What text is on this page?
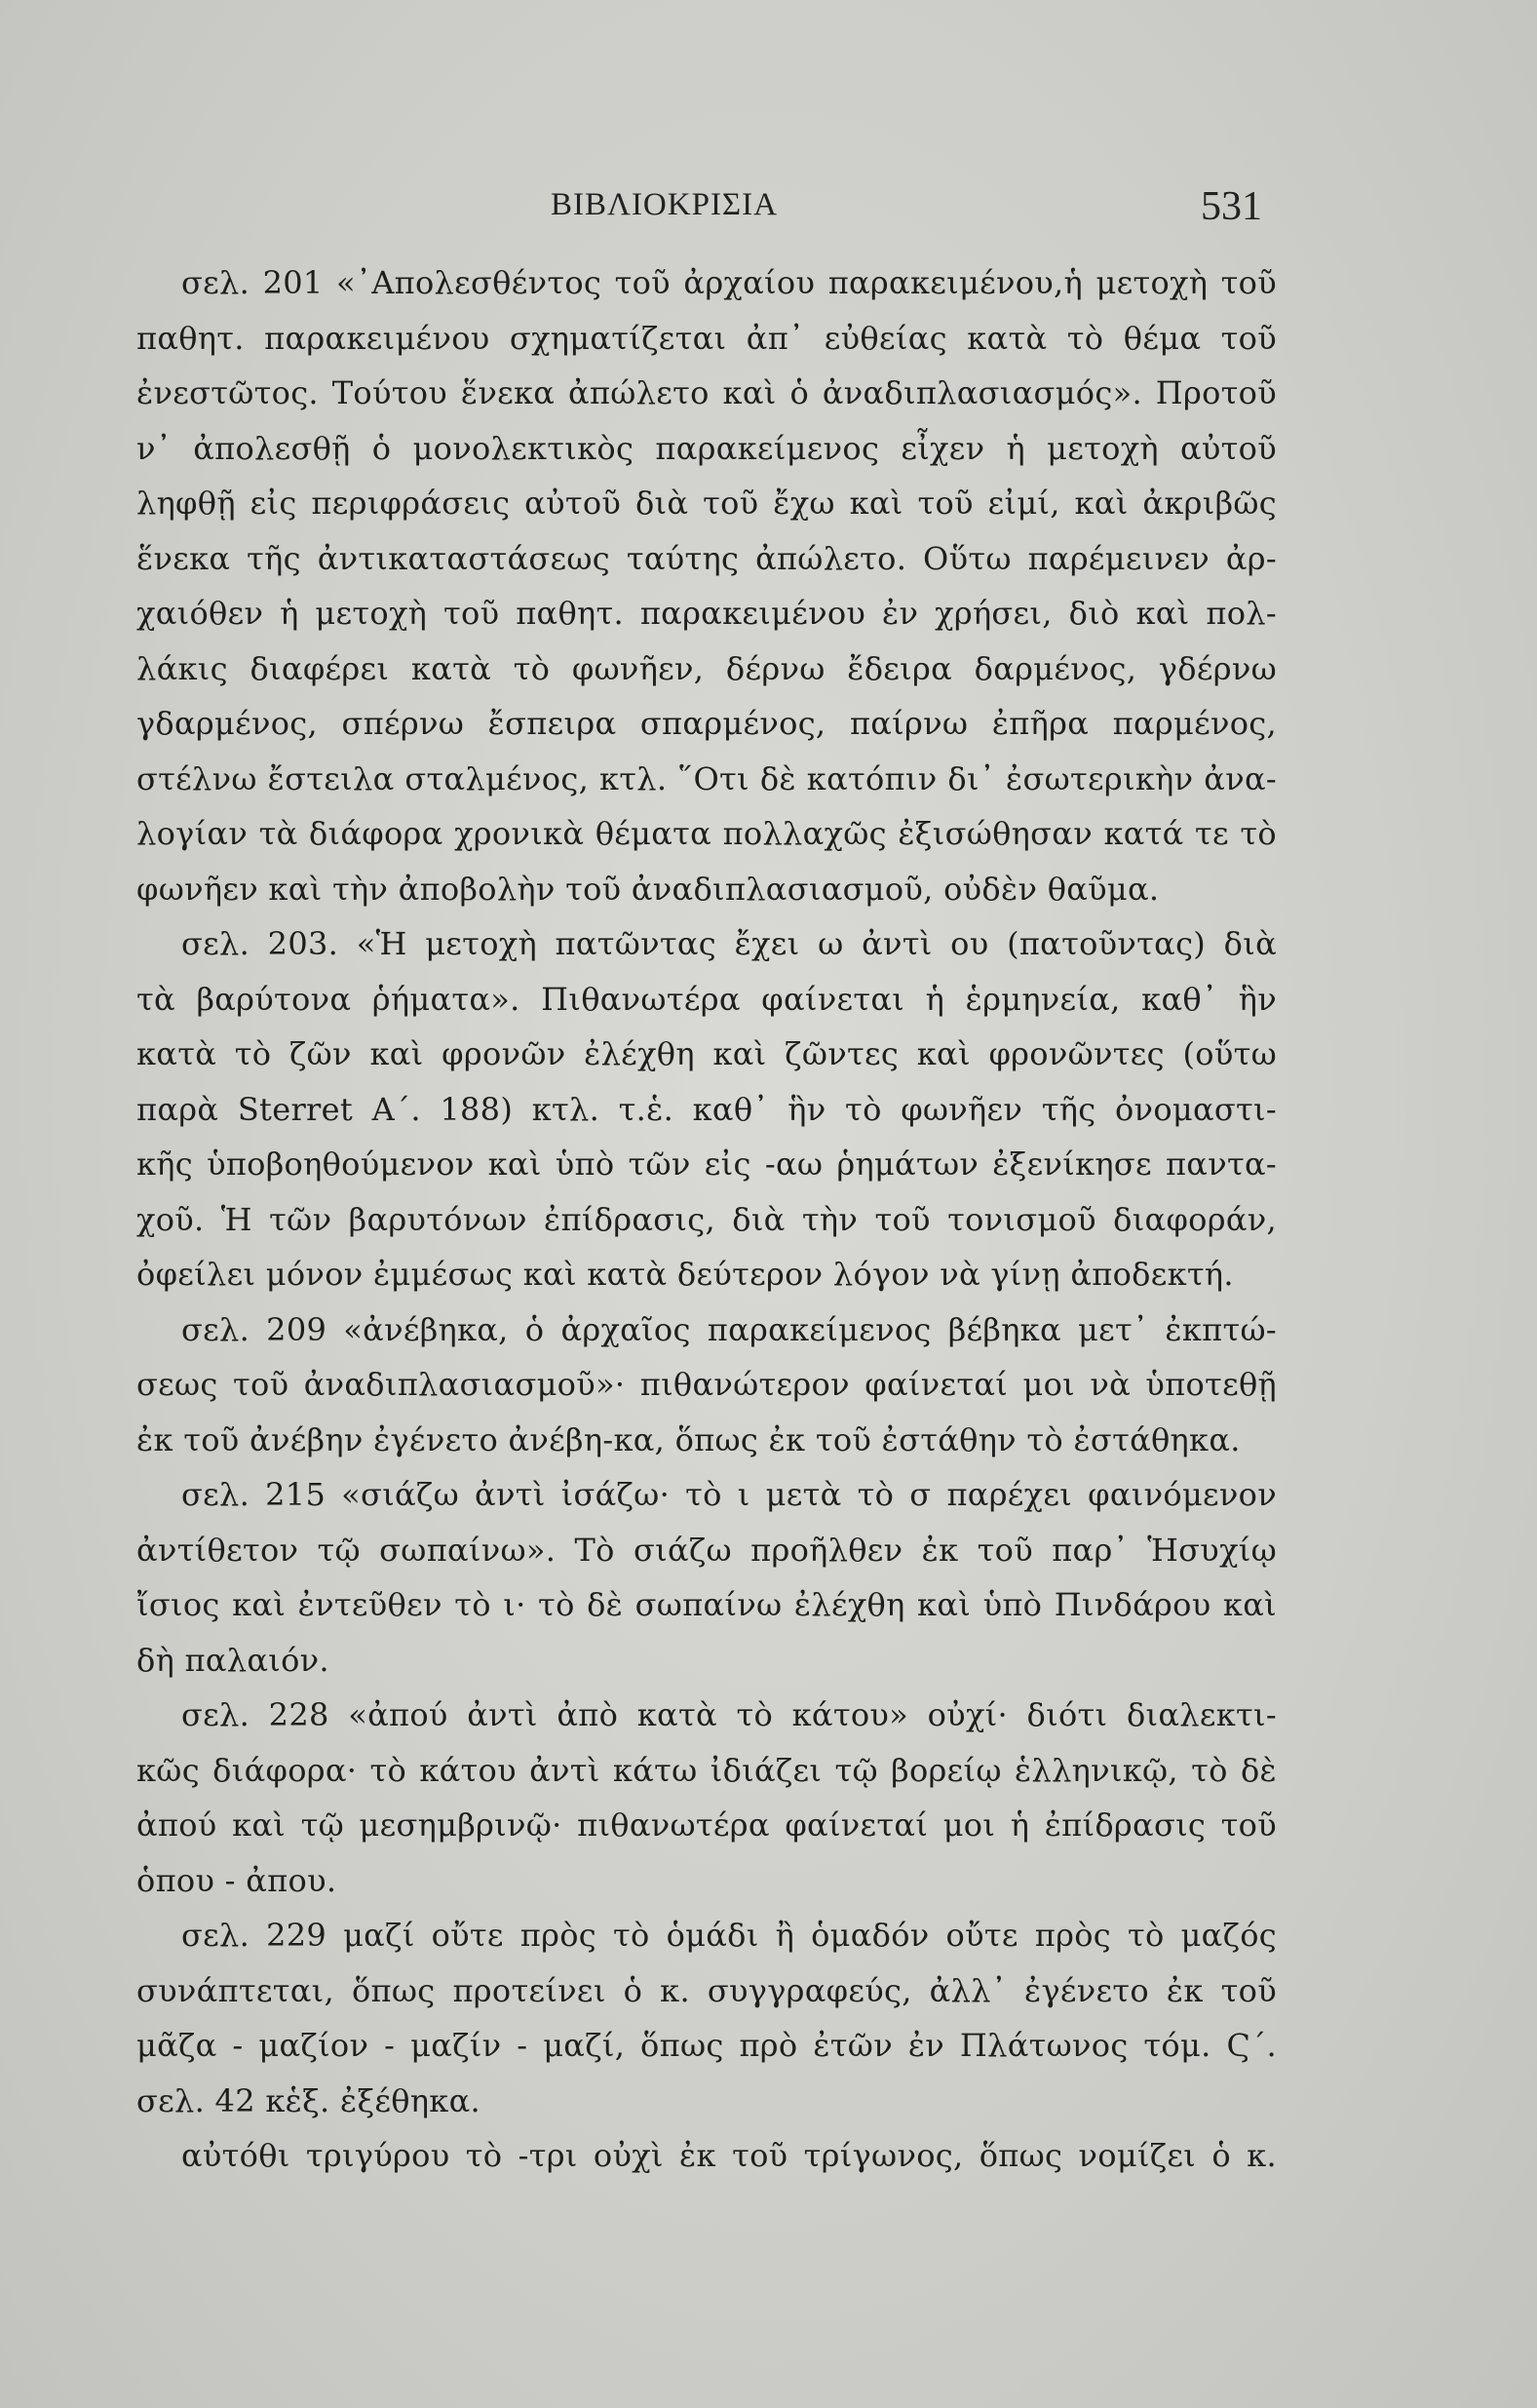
ΒΙΒΛΙΟΚΡΙΣΙΑ	531
σελ. 201 «᾿Απολεσθέντος τοῦ ἀρχαίου παρακειμένου,ἡ μετοχὴ τοῦ
παθητ. παρακειμένου σχηματίζεται ἀπ᾿ εὐθείας κατὰ τὸ θέμα τοῦ
ἐνεστῶτος. Τούτου ἕνεκα ἀπώλετο καὶ ὁ ἀναδιπλασιασμός». Προτοῦ
ν᾿ ἀπολεσθῇ ὁ μονολεκτικὸς παρακείμενος εἶχεν ἡ μετοχὴ αὐτοῦ
ληφθῇ εἰς περιφράσεις αὐτοῦ διὰ τοῦ ἔχω καὶ τοῦ εἰμί, καὶ ἀκριβῶς
ἕνεκα τῆς ἀντικαταστάσεως ταύτης ἀπώλετο. Οὕτω παρέμεινεν ἀρ-
χαιόθεν ἡ μετοχὴ τοῦ παθητ. παρακειμένου ἐν χρήσει, διὸ καὶ πολ-
λάκις διαφέρει κατὰ τὸ φωνῆεν, δέρνω ἔδειρα δαρμένος, γδέρνω
γδαρμένος, σπέρνω ἔσπειρα σπαρμένος, παίρνω ἐπῆρα παρμένος,
στέλνω ἔστειλα σταλμένος, κτλ. ῞Οτι δὲ κατόπιν δι᾿ ἐσωτερικὴν ἀνα-
λογίαν τὰ διάφορα χρονικὰ θέματα πολλαχῶς ἐξισώθησαν κατά τε τὸ
φωνῆεν καὶ τὴν ἀποβολὴν τοῦ ἀναδιπλασιασμοῦ, οὐδὲν θαῦμα.
σελ. 203. «Ἡ μετοχὴ πατῶντας ἔχει ω ἀντὶ ου (πατοῦντας) διὰ
τὰ βαρύτονα ῥήματα». Πιθανωτέρα φαίνεται ἡ ἑρμηνεία, καθ᾿ ἣν
κατὰ τὸ ζῶν καὶ φρονῶν ἐλέχθη καὶ ζῶντες καὶ φρονῶντες (οὕτω
παρὰ Sterret Α΄. 188) κτλ. τ.ἑ. καθ᾿ ἣν τὸ φωνῆεν τῆς ὀνομαστι-
κῆς ὑποβοηθούμενον καὶ ὑπὸ τῶν εἰς -αω ῥημάτων ἐξενίκησε παντα-
χοῦ. Ἡ τῶν βαρυτόνων ἐπίδρασις, διὰ τὴν τοῦ τονισμοῦ διαφοράν,
ὀφείλει μόνον ἐμμέσως καὶ κατὰ δεύτερον λόγον νὰ γίνῃ ἀποδεκτή.
σελ. 209 «ἀνέβηκα, ὁ ἀρχαῖος παρακείμενος βέβηκα μετ᾿ ἐκπτώ-
σεως τοῦ ἀναδιπλασιασμοῦ»· πιθανώτερον φαίνεταί μοι νὰ ὑποτεθῇ
ἐκ τοῦ ἀνέβην ἐγένετο ἀνέβη-κα, ὅπως ἐκ τοῦ ἐστάθην τὸ ἐστάθηκα.
σελ. 215 «σιάζω ἀντὶ ἰσάζω· τὸ ι μετὰ τὸ σ παρέχει φαινόμενον
ἀντίθετον τῷ σωπαίνω». Τὸ σιάζω προῆλθεν ἐκ τοῦ παρ᾿ Ἡσυχίῳ
ἴσιος καὶ ἐντεῦθεν τὸ ι· τὸ δὲ σωπαίνω ἐλέχθη καὶ ὑπὸ Πινδάρου καὶ
δὴ παλαιόν.
σελ. 228 «ἀπού ἀντὶ ἀπὸ κατὰ τὸ κάτου» οὐχί· διότι διαλεκτι-
κῶς διάφορα· τὸ κάτου ἀντὶ κάτω ἰδιάζει τῷ βορείῳ ἑλληνικῷ, τὸ δὲ
ἀπού καὶ τῷ μεσημβρινῷ· πιθανωτέρα φαίνεταί μοι ἡ ἐπίδρασις τοῦ
ὁπου - ἀπου.
σελ. 229 μαζί οὔτε πρὸς τὸ ὁμάδι ἢ ὁμαδόν οὔτε πρὸς τὸ μαζός
συνάπτεται, ὅπως προτείνει ὁ κ. συγγραφεύς, ἀλλ᾿ ἐγένετο ἐκ τοῦ
μᾶζα - μαζίον - μαζίν - μαζί, ὅπως πρὸ ἐτῶν ἐν Πλάτωνος τόμ. Ϛ΄.
σελ. 42 κἑξ. ἐξέθηκα.
αὐτόθι τριγύρου τὸ -τρι οὐχὶ ἐκ τοῦ τρίγωνος, ὅπως νομίζει ὁ κ.
